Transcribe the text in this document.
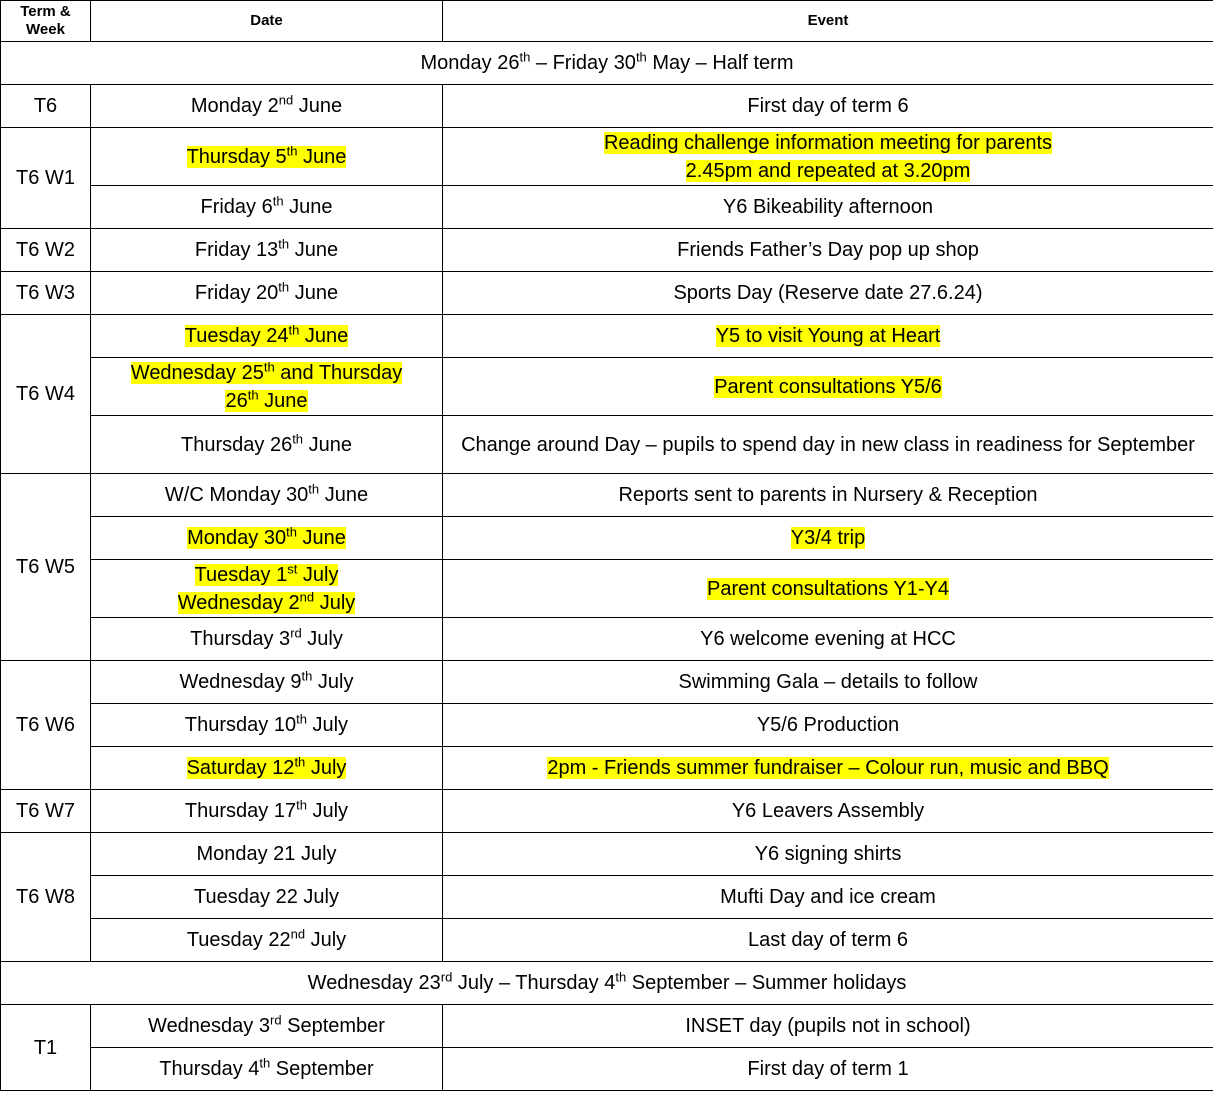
Term &
Week	Date	Event
Monday 26th – Friday 30th May – Half term		
T6	Monday 2nd June	First day of term 6
T6 W1	Thursday 5th June	Reading challenge information meeting for parents
2.45pm and repeated at 3.20pm
	Friday 6th June	Y6 Bikeability afternoon
T6 W2	Friday 13th June	Friends Father’s Day pop up shop
T6 W3	Friday 20th June	Sports Day (Reserve date 27.6.24)
T6 W4	Tuesday 24th June	Y5 to visit Young at Heart
	Wednesday 25th and Thursday
26th June	Parent consultations Y5/6
	Thursday 26th June	Change around Day – pupils to spend day in new class in readiness for September
T6 W5	W/C Monday 30th June	Reports sent to parents in Nursery & Reception
	Monday 30th June	Y3/4 trip
	Tuesday 1st July
Wednesday 2nd July	Parent consultations Y1-Y4
	Thursday 3rd July	Y6 welcome evening at HCC
T6 W6	Wednesday 9th July	Swimming Gala – details to follow
	Thursday 10th July	Y5/6 Production
	Saturday 12th July	2pm - Friends summer fundraiser – Colour run, music and BBQ
T6 W7	Thursday 17th July	Y6 Leavers Assembly
T6 W8	Monday 21 July	Y6 signing shirts
	Tuesday 22 July	Mufti Day and ice cream
	Tuesday 22nd July	Last day of term 6
Wednesday 23rd July – Thursday 4th September – Summer holidays		
T1	Wednesday 3rd September	INSET day (pupils not in school)
	Thursday 4th September	First day of term 1
